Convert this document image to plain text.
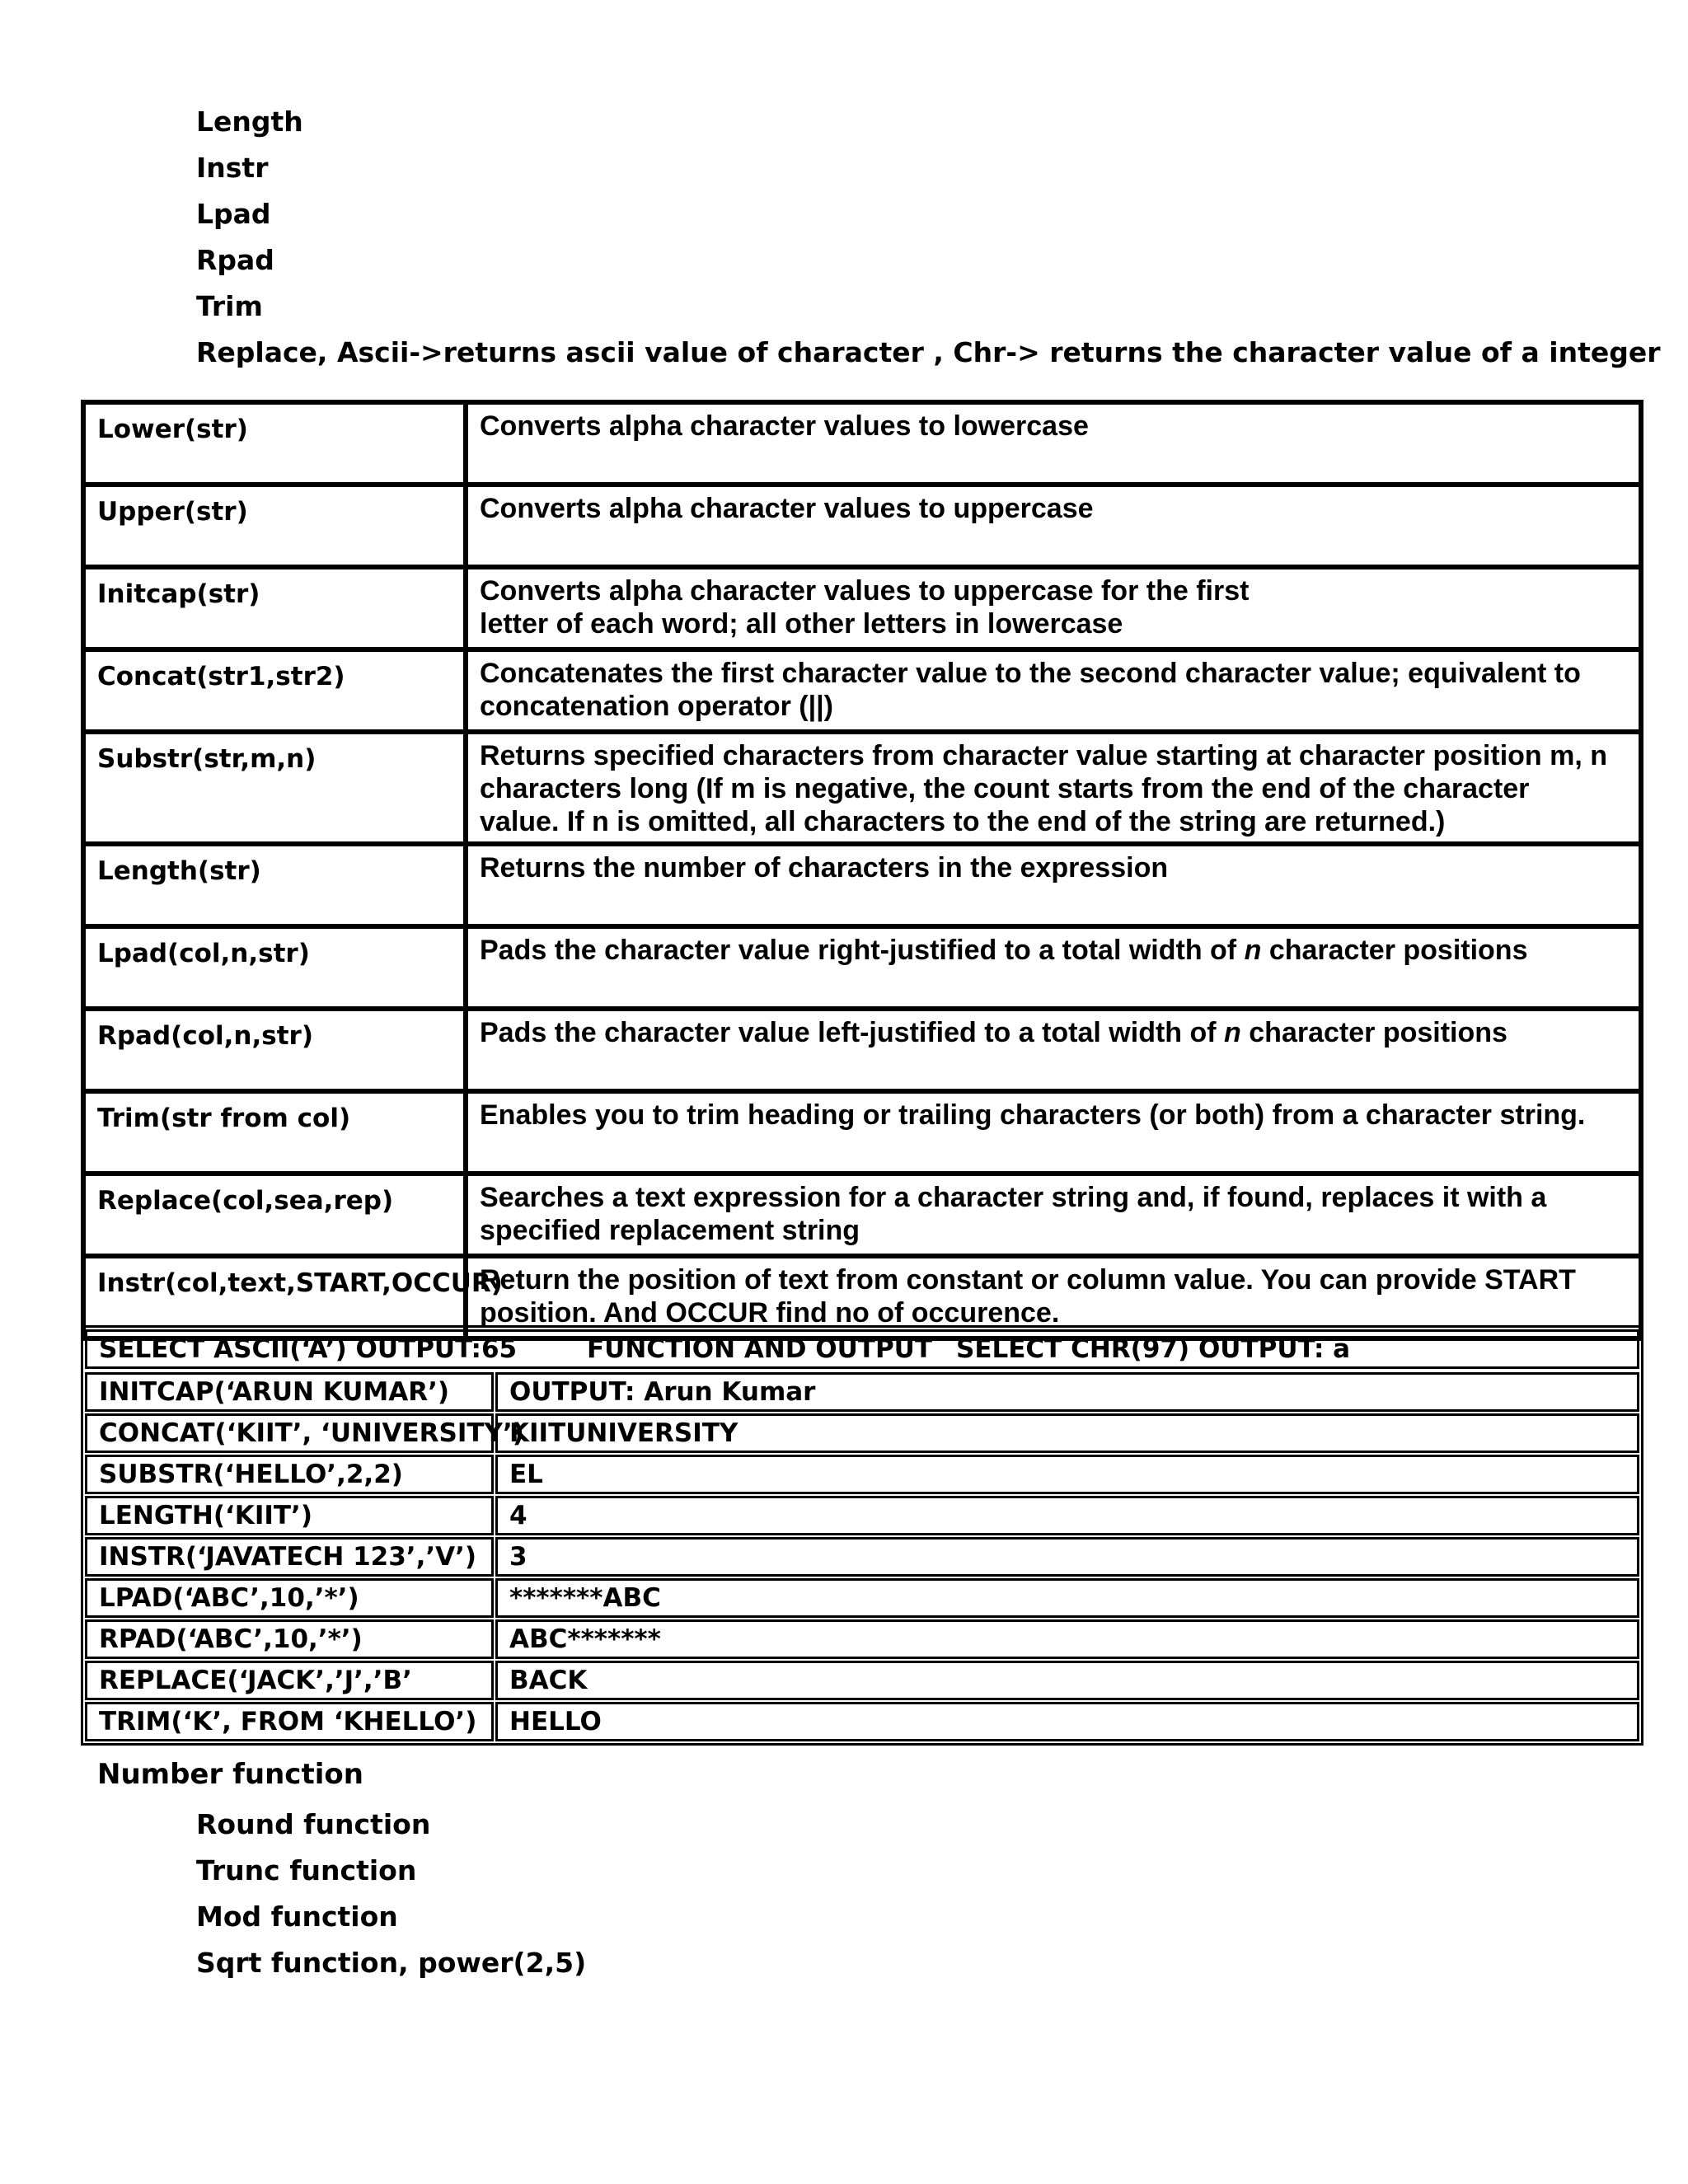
Length
Instr
Lpad
Rpad
Trim
Replace, Ascii->returns ascii value of character , Chr-> returns the character value of a integer
Lower(str)	Converts alpha character values to lowercase

Upper(str)	Converts alpha character values to uppercase

Initcap(str)	Converts alpha character values to uppercase for the first
letter of each word; all other letters in lowercase

Concat(str1,str2)	Concatenates the first character value to the second character value; equivalent to
concatenation operator (||)

Substr(str,m,n)	Returns specified characters from character value starting at character position m, n
characters long (If m is negative, the count starts from the end of the character
value. If n is omitted, all characters to the end of the string are returned.)

Length(str)	Returns the number of characters in the expression

Lpad(col,n,str)	Pads the character value right-justified to a total width of n character positions
Rpad(col,n,str)	Pads the character value left-justified to a total width of n character positions
Trim(str from col)	Enables you to trim heading or trailing characters (or both) from a character string.

Replace(col,sea,rep)	Searches a text expression for a character string and, if found, replaces it with a
specified replacement string

Instr(col,text,START,OCCUR)	Return the position of text from constant or column value. You can provide START
position. And OCCUR find no of occurence.
SELECT ASCII(‘A’) OUTPUT:65	FUNCTION AND OUTPUT SELECT CHR(97) OUTPUT: a
INITCAP(‘ARUN KUMAR’)	OUTPUT: Arun Kumar
CONCAT(‘KIIT’, ‘UNIVERSITY’)	KIITUNIVERSITY
SUBSTR(‘HELLO’,2,2)	EL
LENGTH(‘KIIT’)	4
INSTR(‘JAVATECH 123’,’V’)	3
LPAD(‘ABC’,10,’*’)	*******ABC
RPAD(‘ABC’,10,’*’)	ABC*******
REPLACE(‘JACK’,’J’,’B’	BACK
TRIM(‘K’, FROM ‘KHELLO’)	HELLO
Number function
Round function
Trunc function
Mod function
Sqrt function, power(2,5)
